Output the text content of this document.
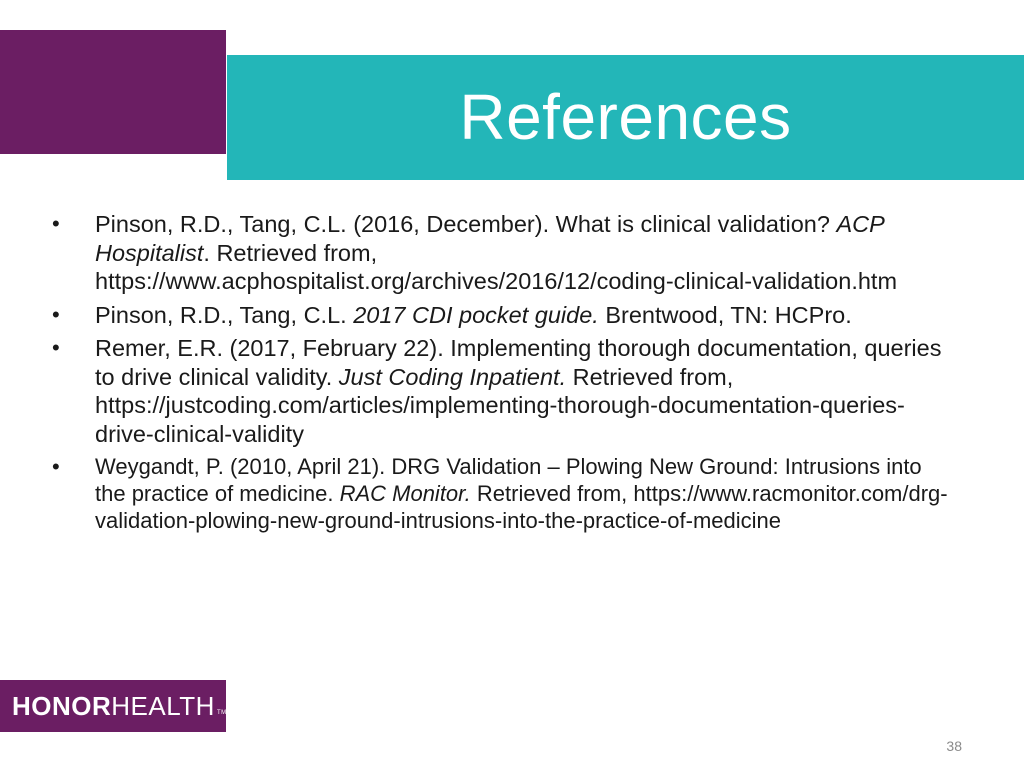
References
•	Pinson, R.D., Tang, C.L. (2016, December). What is clinical validation? ACP Hospitalist. Retrieved from, https://www.acphospitalist.org/archives/2016/12/coding-clinical-validation.htm
•	Pinson, R.D., Tang, C.L. 2017 CDI pocket guide. Brentwood, TN: HCPro.
•	Remer, E.R. (2017, February 22). Implementing thorough documentation, queries to drive clinical validity. Just Coding Inpatient. Retrieved from, https://justcoding.com/articles/implementing-thorough-documentation-queries-drive-clinical-validity
•	Weygandt, P. (2010, April 21). DRG Validation – Plowing New Ground: Intrusions into the practice of medicine. RAC Monitor. Retrieved from, https://www.racmonitor.com/drg-validation-plowing-new-ground-intrusions-into-the-practice-of-medicine
HONOR HEALTH TM
38
